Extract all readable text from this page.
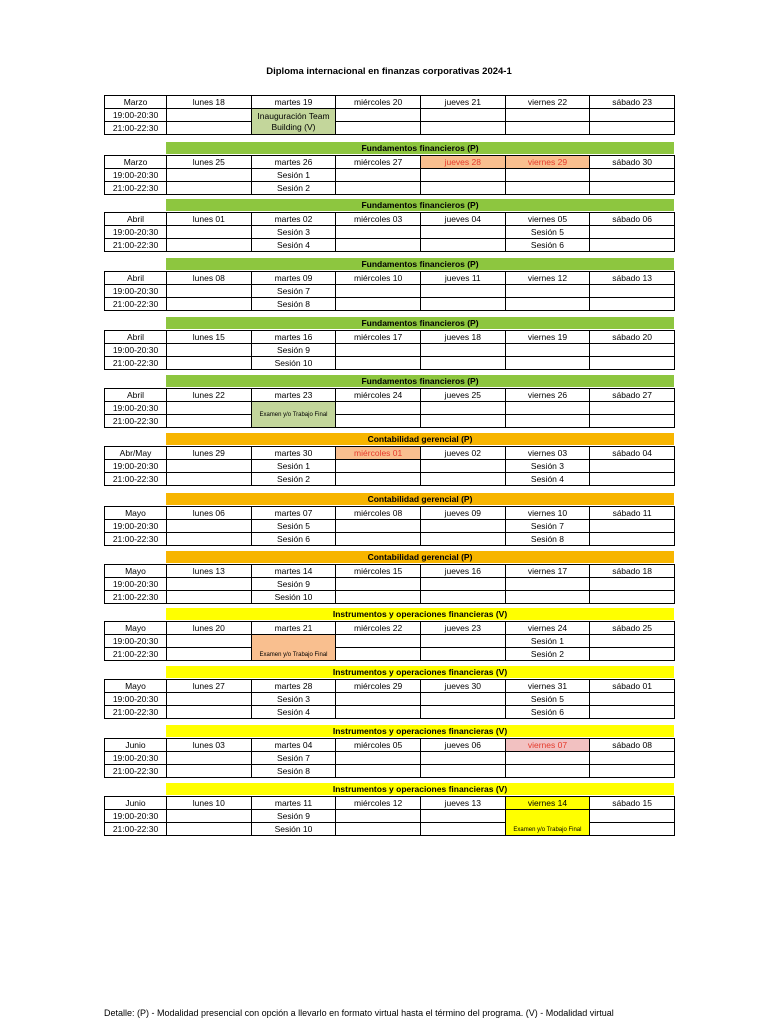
Diploma internacional en finanzas corporativas 2024-1
Marzo	lunes 18	martes 19	miércoles 20	jueves 21	viernes 22	sábado 23
19:00-20:30		Inauguración Team Building (V)				
21:00-22:30						
Fundamentos financieros (P)
Marzo	lunes 25	martes 26	miércoles 27	jueves 28	viernes 29	sábado 30
19:00-20:30		Sesión 1				
21:00-22:30		Sesión 2				
Fundamentos financieros (P)
Abril	lunes 01	martes 02	miércoles 03	jueves 04	viernes 05	sábado 06
19:00-20:30		Sesión 3			Sesión 5	
21:00-22:30		Sesión 4			Sesión 6	
Fundamentos financieros (P)
Abril	lunes 08	martes 09	miércoles 10	jueves 11	viernes 12	sábado 13
19:00-20:30		Sesión 7				
21:00-22:30		Sesión 8				
Fundamentos financieros (P)
Abril	lunes 15	martes 16	miércoles 17	jueves 18	viernes 19	sábado 20
19:00-20:30		Sesión 9				
21:00-22:30		Sesión 10				
Fundamentos financieros (P)
Abril	lunes 22	martes 23	miércoles 24	jueves 25	viernes 26	sábado 27
19:00-20:30		Examen y/o Trabajo Final				
21:00-22:30						
Contabilidad gerencial (P)
Abr/May	lunes 29	martes 30	miércoles 01	jueves 02	viernes 03	sábado 04
19:00-20:30		Sesión 1			Sesión 3	
21:00-22:30		Sesión 2			Sesión 4	
Contabilidad gerencial (P)
Mayo	lunes 06	martes 07	miércoles 08	jueves 09	viernes 10	sábado 11
19:00-20:30		Sesión 5			Sesión 7	
21:00-22:30		Sesión 6			Sesión 8	
Contabilidad gerencial (P)
Mayo	lunes 13	martes 14	miércoles 15	jueves 16	viernes 17	sábado 18
19:00-20:30		Sesión 9				
21:00-22:30		Sesión 10				
Instrumentos y operaciones financieras (V)
Mayo	lunes 20	martes 21	miércoles 22	jueves 23	viernes 24	sábado 25
19:00-20:30		Examen y/o Trabajo Final			Sesión 1	
21:00-22:30					Sesión 2	
Instrumentos y operaciones financieras (V)
Mayo	lunes 27	martes 28	miércoles 29	jueves 30	viernes 31	sábado 01
19:00-20:30		Sesión 3			Sesión 5	
21:00-22:30		Sesión 4			Sesión 6	
Instrumentos y operaciones financieras (V)
Junio	lunes 03	martes 04	miércoles 05	jueves 06	viernes 07	sábado 08
19:00-20:30		Sesión 7				
21:00-22:30		Sesión 8				
Instrumentos y operaciones financieras (V)
Junio	lunes 10	martes 11	miércoles 12	jueves 13	viernes 14	sábado 15
19:00-20:30		Sesión 9			Examen y/o Trabajo Final	
21:00-22:30		Sesión 10				
Detalle: (P) - Modalidad presencial con opción a llevarlo en formato virtual hasta el término del programa. (V) - Modalidad virtual
